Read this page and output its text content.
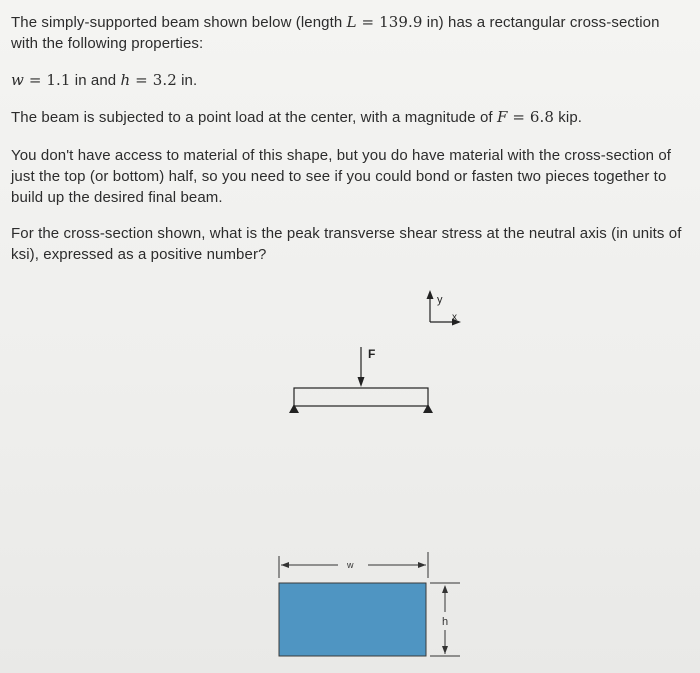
The simply-supported beam shown below (length L = 139.9 in) has a rectangular cross-section
with the following properties:
w = 1.1 in and h = 3.2 in.
The beam is subjected to a point load at the center, with a magnitude of F = 6.8 kip.
You don't have access to material of this shape, but you do have material with the cross-section of
just the top (or bottom) half, so you need to see if you could bond or fasten two pieces together to
build up the desired final beam.
For the cross-section shown, what is the peak transverse shear stress at the neutral axis (in units of
ksi), expressed as a positive number?
y
x
F
w
h
